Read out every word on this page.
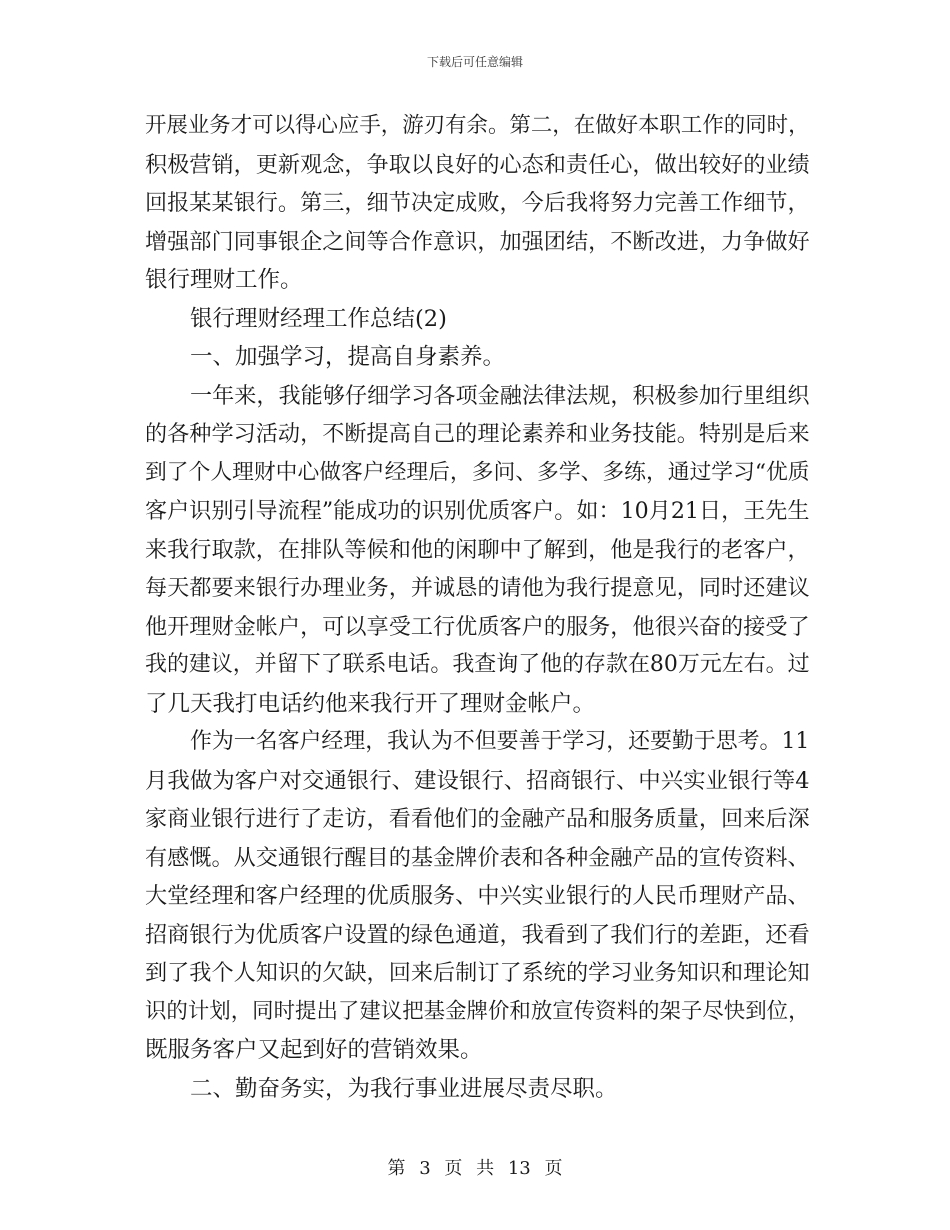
下载后可任意编辑
开展业务才可以得心应手，游刃有余。第二，在做好本职工作的同时，
积极营销，更新观念，争取以良好的心态和责任心，做出较好的业绩
回报某某银行。第三，细节决定成败，今后我将努力完善工作细节，
增强部门同事银企之间等合作意识，加强团结，不断改进，力争做好
银行理财工作。
银行理财经理工作总结(2)
一、加强学习，提高自身素养。
一年来，我能够仔细学习各项金融法律法规，积极参加行里组织
的各种学习活动，不断提高自己的理论素养和业务技能。特别是后来
到了个人理财中心做客户经理后，多问、多学、多练，通过学习“优质
客户识别引导流程”能成功的识别优质客户。如：10月21日，王先生
来我行取款，在排队等候和他的闲聊中了解到，他是我行的老客户，
每天都要来银行办理业务，并诚恳的请他为我行提意见，同时还建议
他开理财金帐户，可以享受工行优质客户的服务，他很兴奋的接受了
我的建议，并留下了联系电话。我查询了他的存款在80万元左右。过
了几天我打电话约他来我行开了理财金帐户。
作为一名客户经理，我认为不但要善于学习，还要勤于思考。11
月我做为客户对交通银行、建设银行、招商银行、中兴实业银行等4
家商业银行进行了走访，看看他们的金融产品和服务质量，回来后深
有感慨。从交通银行醒目的基金牌价表和各种金融产品的宣传资料、
大堂经理和客户经理的优质服务、中兴实业银行的人民币理财产品、
招商银行为优质客户设置的绿色通道，我看到了我们行的差距，还看
到了我个人知识的欠缺，回来后制订了系统的学习业务知识和理论知
识的计划，同时提出了建议把基金牌价和放宣传资料的架子尽快到位，
既服务客户又起到好的营销效果。
二、勤奋务实，为我行事业进展尽责尽职。
第 3 页 共 13 页
